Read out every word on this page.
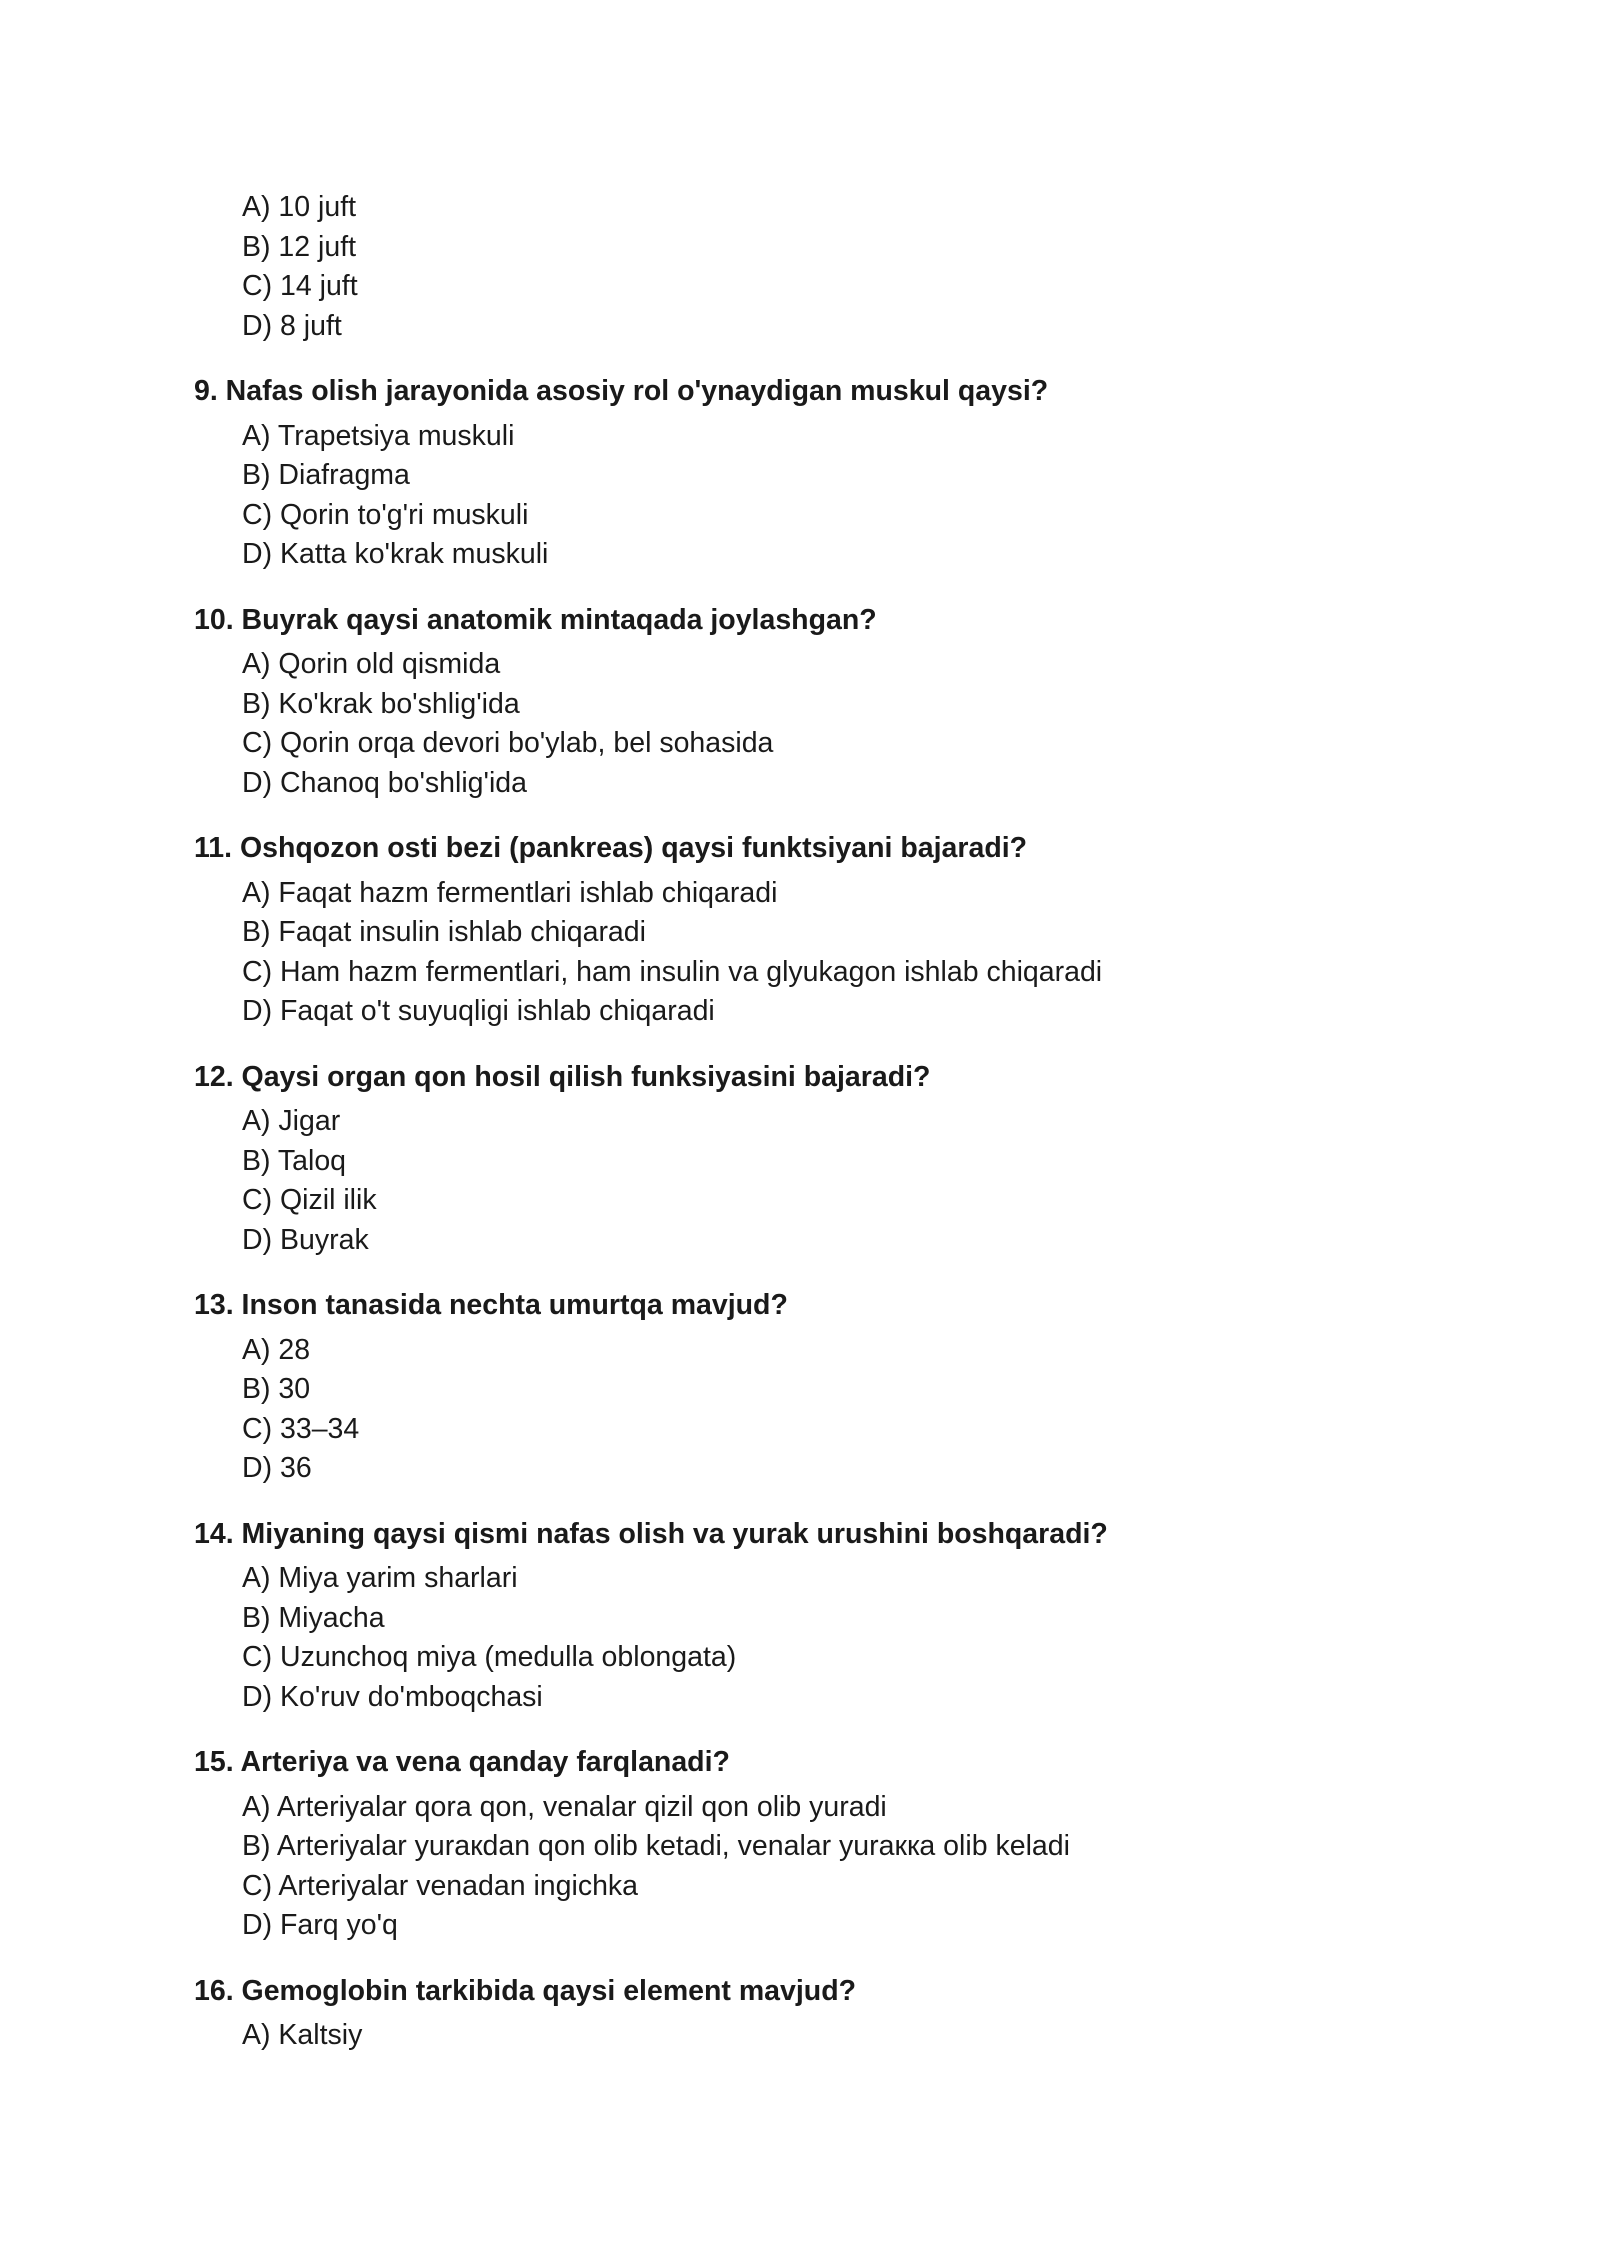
A) 10 juft
B) 12 juft
C) 14 juft
D) 8 juft
9. Nafas olish jarayonida asosiy rol o'ynaydigan muskul qaysi?
A) Trapetsiya muskuli
B) Diafragma
C) Qorin to'g'ri muskuli
D) Katta ko'krak muskuli
10. Buyrak qaysi anatomik mintaqada joylashgan?
A) Qorin old qismida
B) Ko'krak bo'shlig'ida
C) Qorin orqa devori bo'ylab, bel sohasida
D) Chanoq bo'shlig'ida
11. Oshqozon osti bezi (pankreas) qaysi funktsiyani bajaradi?
A) Faqat hazm fermentlari ishlab chiqaradi
B) Faqat insulin ishlab chiqaradi
C) Ham hazm fermentlari, ham insulin va glyukagon ishlab chiqaradi
D) Faqat o't suyuqligi ishlab chiqaradi
12. Qaysi organ qon hosil qilish funksiyasini bajaradi?
A) Jigar
B) Taloq
C) Qizil ilik
D) Buyrak
13. Inson tanasida nechta umurtqa mavjud?
A) 28
B) 30
C) 33–34
D) 36
14. Miyaning qaysi qismi nafas olish va yurak urushini boshqaradi?
A) Miya yarim sharlari
B) Miyacha
C) Uzunchoq miya (medulla oblongata)
D) Ko'ruv do'mboqchasi
15. Arteriya va vena qanday farqlanadi?
A) Arteriyalar qora qon, venalar qizil qon olib yuradi
B) Arteriyalar yuraкdan qon olib ketadi, venalar yuraккa olib keladi
C) Arteriyalar venadan ingichka
D) Farq yo'q
16. Gemoglobin tarkibida qaysi element mavjud?
A) Kaltsiy
